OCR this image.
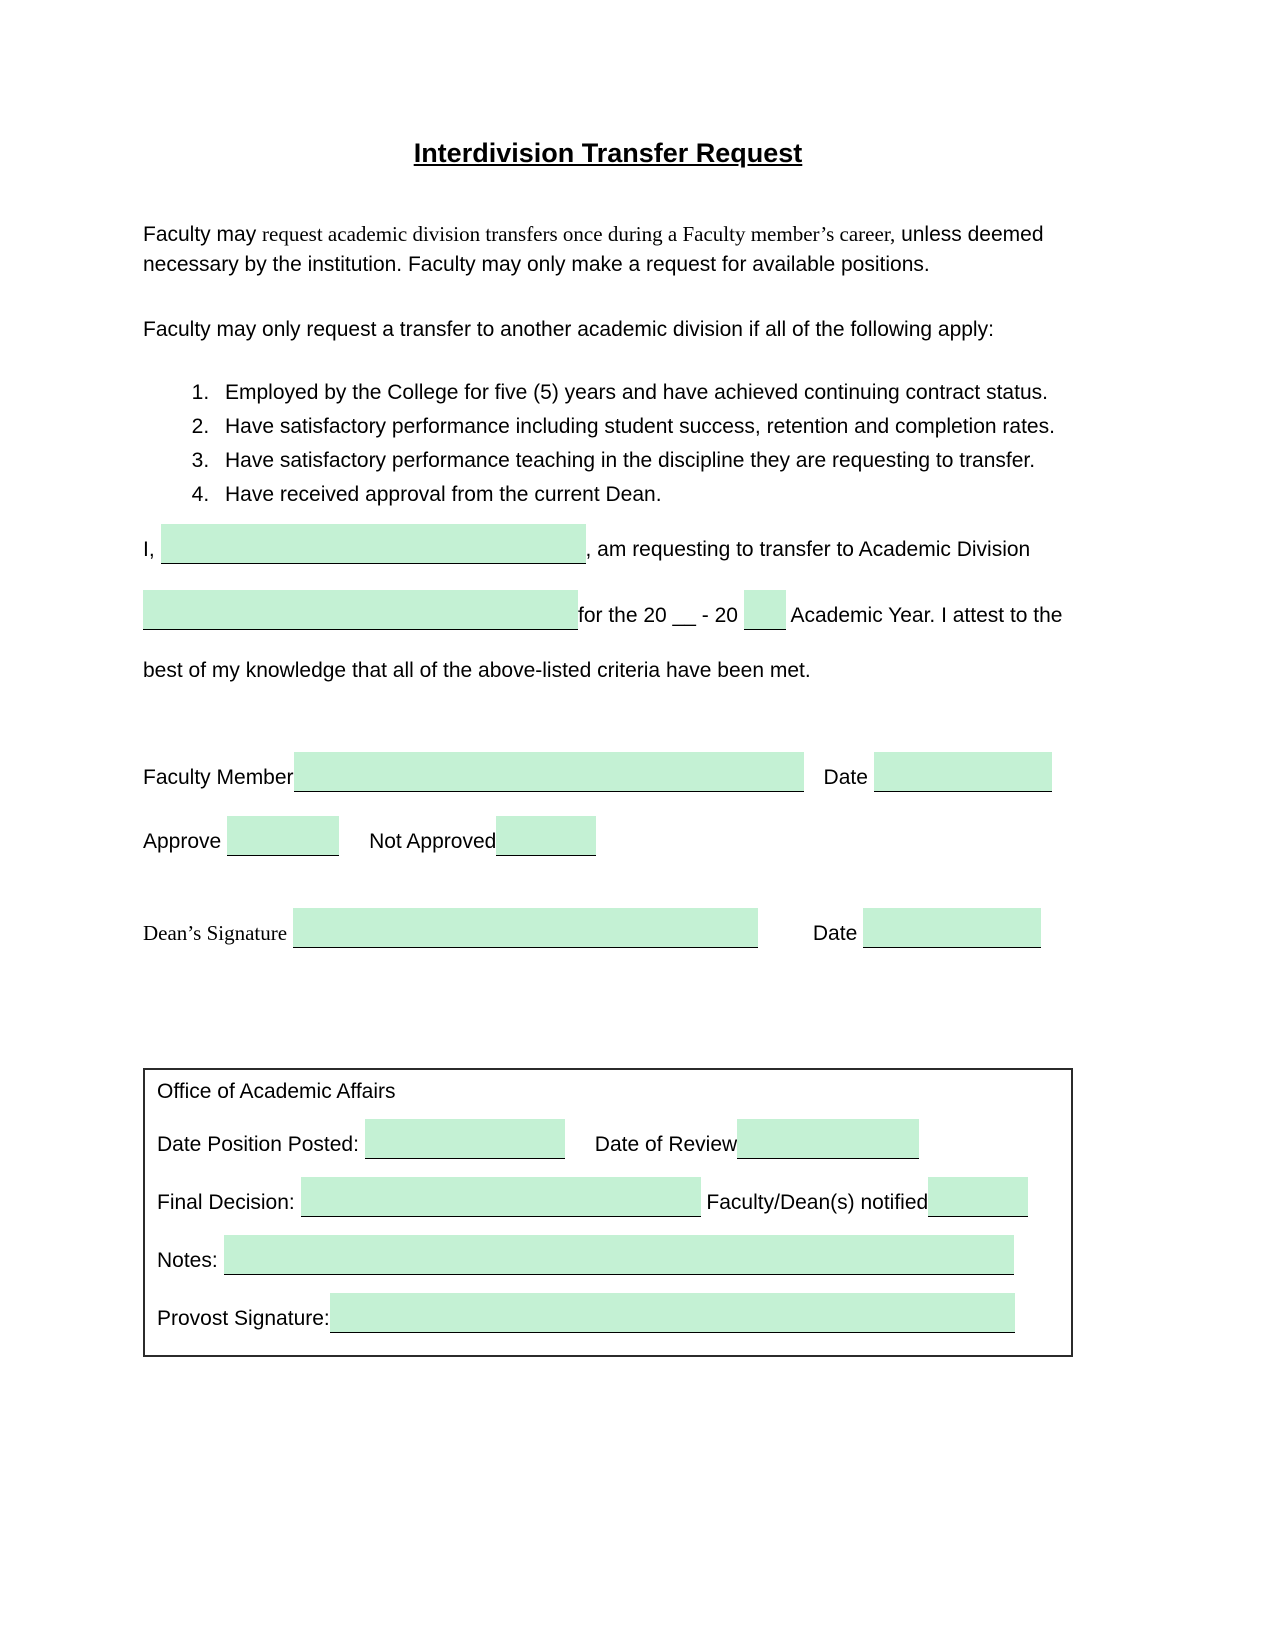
Interdivision Transfer Request

Faculty may request academic division transfers once during a Faculty member’s career, unless deemed necessary by the institution. Faculty may only make a request for available positions.

Faculty may only request a transfer to another academic division if all of the following apply:

1. Employed by the College for five (5) years and have achieved continuing contract status.
2. Have satisfactory performance including student success, retention and completion rates.
3. Have satisfactory performance teaching in the discipline they are requesting to transfer.
4. Have received approval from the current Dean.
I,	, am requesting to transfer to Academic Division
for the 20 __ - 20	Academic Year. I attest to the
best of my knowledge that all of the above-listed criteria have been met.
Faculty Member	Date
Approve	Not Approved
Dean’s Signature	Date
Office of Academic Affairs
Date Position Posted:	Date of Review
Final Decision:	Faculty/Dean(s) notified
Notes:
Provost Signature:
